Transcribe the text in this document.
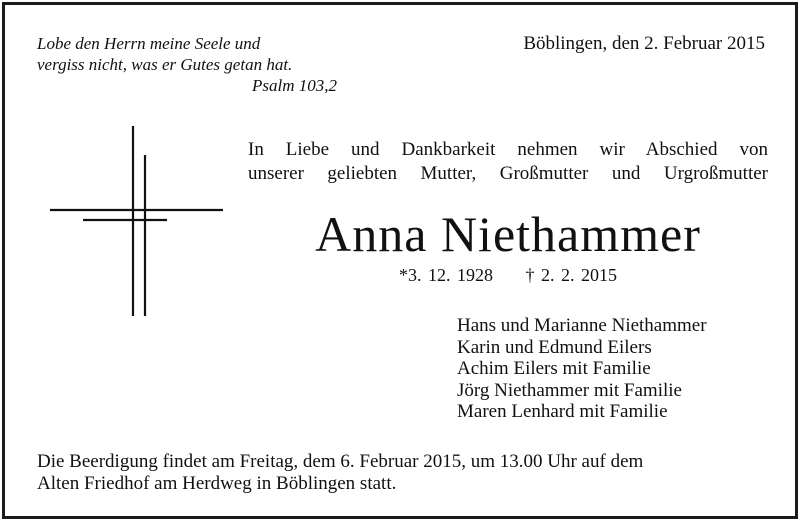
Lobe den Herrn meine Seele und
vergiss nicht, was er Gutes getan hat.
Psalm 103,2
Böblingen, den 2. Februar 2015
In Liebe und Dankbarkeit nehmen wir Abschied von
unserer geliebten Mutter, Großmutter und Urgroßmutter
Anna Niethammer
*3. 12. 1928 † 2. 2. 2015
Hans und Marianne Niethammer
Karin und Edmund Eilers
Achim Eilers mit Familie
Jörg Niethammer mit Familie
Maren Lenhard mit Familie
Die Beerdigung findet am Freitag, dem 6. Februar 2015, um 13.00 Uhr auf dem
Alten Friedhof am Herdweg in Böblingen statt.
